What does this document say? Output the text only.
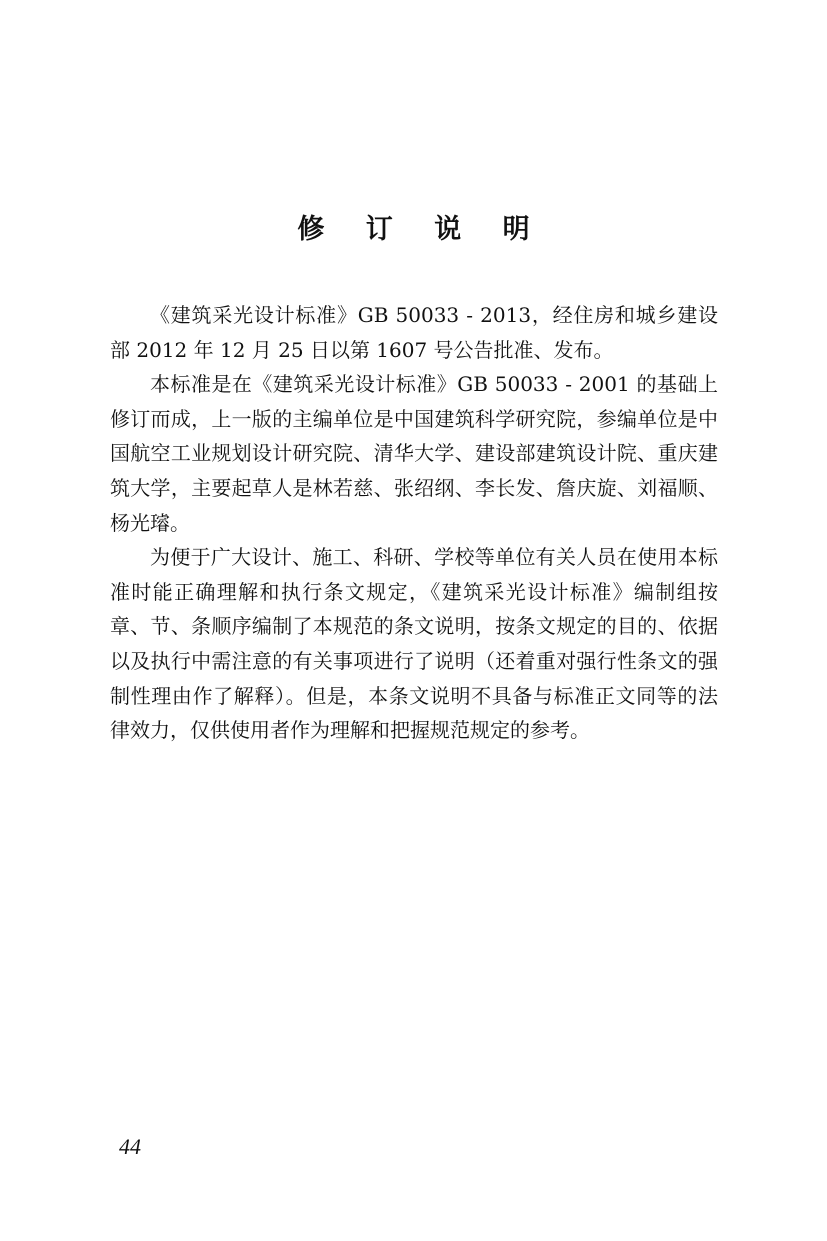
修 订 说 明

《建筑采光设计标准》GB 50033 - 2013，经住房和城乡建设部 2012 年 12 月 25 日以第 1607 号公告批准、发布。

本标准是在《建筑采光设计标准》GB 50033 - 2001 的基础上修订而成，上一版的主编单位是中国建筑科学研究院，参编单位是中国航空工业规划设计研究院、清华大学、建设部建筑设计院、重庆建筑大学，主要起草人是林若慈、张绍纲、李长发、詹庆旋、刘福顺、杨光璿。

为便于广大设计、施工、科研、学校等单位有关人员在使用本标准时能正确理解和执行条文规定，《建筑采光设计标准》编制组按章、节、条顺序编制了本规范的条文说明，按条文规定的目的、依据以及执行中需注意的有关事项进行了说明（还着重对强行性条文的强制性理由作了解释）。但是，本条文说明不具备与标准正文同等的法律效力，仅供使用者作为理解和把握规范规定的参考。

44
